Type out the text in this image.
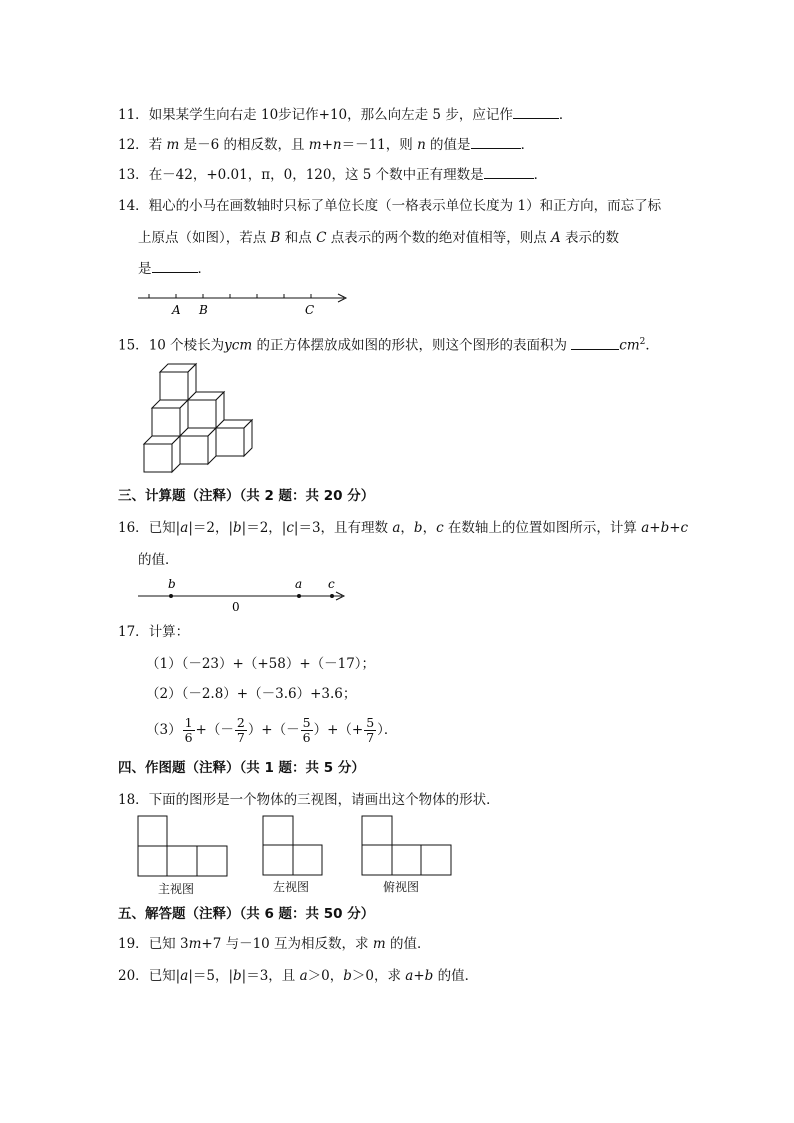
11．如果某学生向右走 10步记作+10，那么向左走 5 步，应记作	．
12．若 m 是－6 的相反数，且 m+n＝－11，则 n 的值是	．
13．在－42，+0.01，π，0，120，这 5 个数中正有理数是	．
14．粗心的小马在画数轴时只标了单位长度（一格表示单位长度为 1）和正方向，而忘了标
上原点（如图），若点 B 和点 C 点表示的两个数的绝对值相等，则点 A 表示的数
是	．
A B	C
15．10 个棱长为ycm 的正方体摆放成如图的形状，则这个图形的表面积为	$cm^2$．
三、计算题（注释）（共 2 题：共 20 分）
16．已知|a|＝2，|b|＝2，|c|＝3，且有理数 a，b，c 在数轴上的位置如图所示，计算 a+b+c
的值．
b	a c
0
17．计算：
（1）（－23）+（+58）+（－17）；
（2）（－2.8）+（－3.6）+3.6；
$(3) \frac{1}{6}$ +（－ $\frac{2}{7}$ ）+（－ $\frac{5}{6}$ ）+（+ $\frac{5}{7}$ ）．
四、作图题（注释）（共 1 题：共 5 分）
18．下面的图形是一个物体的三视图，请画出这个物体的形状．
主视图	左视图	俯视图
五、解答题（注释）（共 6 题：共 50 分）
19．已知 3m+7 与－10 互为相反数，求 m 的值．
20．已知|a|＝5，|b|＝3，且 a＞0，b＞0，求 a+b 的值．
